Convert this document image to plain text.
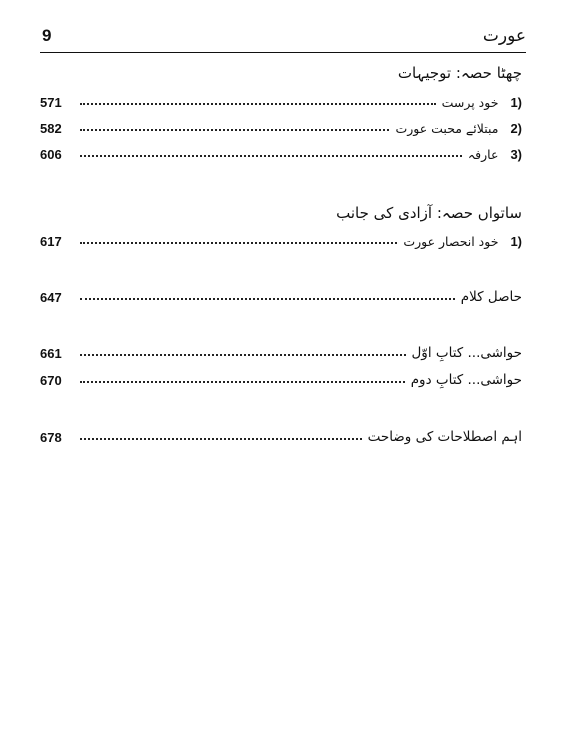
9	عورت
چھٹا حصہ: توجیہات
571	خود پرست 1)
582	مبتلائے محبت عورت 2)
606	عارفہ 3)
ساتواں حصہ: آزادی کی جانب
617	خود انحصار عورت 1)
647	حاصل کلام
661	حواشی... کتابِ اوّل
670	حواشی... کتابِ دوم
678	اہم اصطلاحات کی وضاحت
